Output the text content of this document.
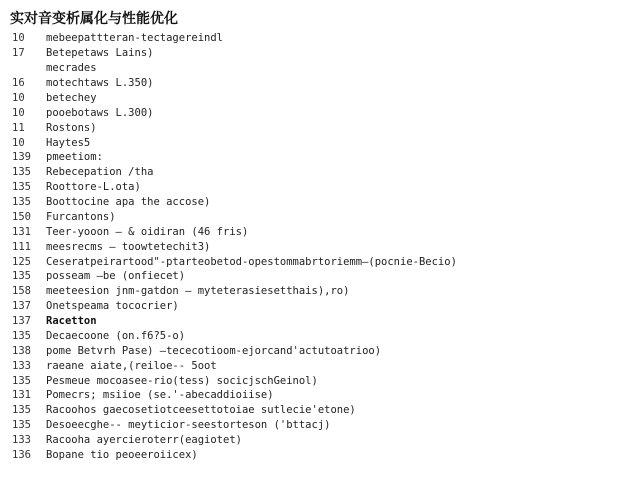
实对音变析属化与性能优化
10	mebeepattteran-tectagereindl
17	Betepetaws Lains)
mecrades
16	motechtaws L.350)
10	betechey
10	pooebotaws L.300)
11	Rostons)
10	Haytes5
139	pmeetiom:
135	Rebecepation /tha
135	Roottore-L.ota)
135	Boottocine apa the accose)
150	Furcantons)
131	Teer-yooon – & oidiran (46 fris)
111	meesrecms – toowtetechit3)
125	Ceseratpeirartood"-ptarteobetod-opestommabrtoriemm–(pocnie-Becio)
135	posseam –be (onfiecet)
158	meeteesion jnm-gatdon – myteterasiesetthais),ro)
137	Onetspeama tococrier)
137	Racetton
135	Decaecoone (on.f6?5-o)
138	pome Betvrh Pase) –tececotioom-ejorcand'actutoatrioo)
133	raeane aiate,(reiloe-- 5oot
135	Pesmeue mocoasee-rio(tess) socicjschGeinol)
131	Pomecrs; msiioe (se.'-abecaddioiise)
135	Racoohos gaecosetiotceesettotoiae sutlecie'etone)
135	Desoeecghe-- meyticior-seestorteson ('bttacj)
133	Racooha ayercieroterr(eagiotet)
136	Bopane tio peoeeroiicex)
